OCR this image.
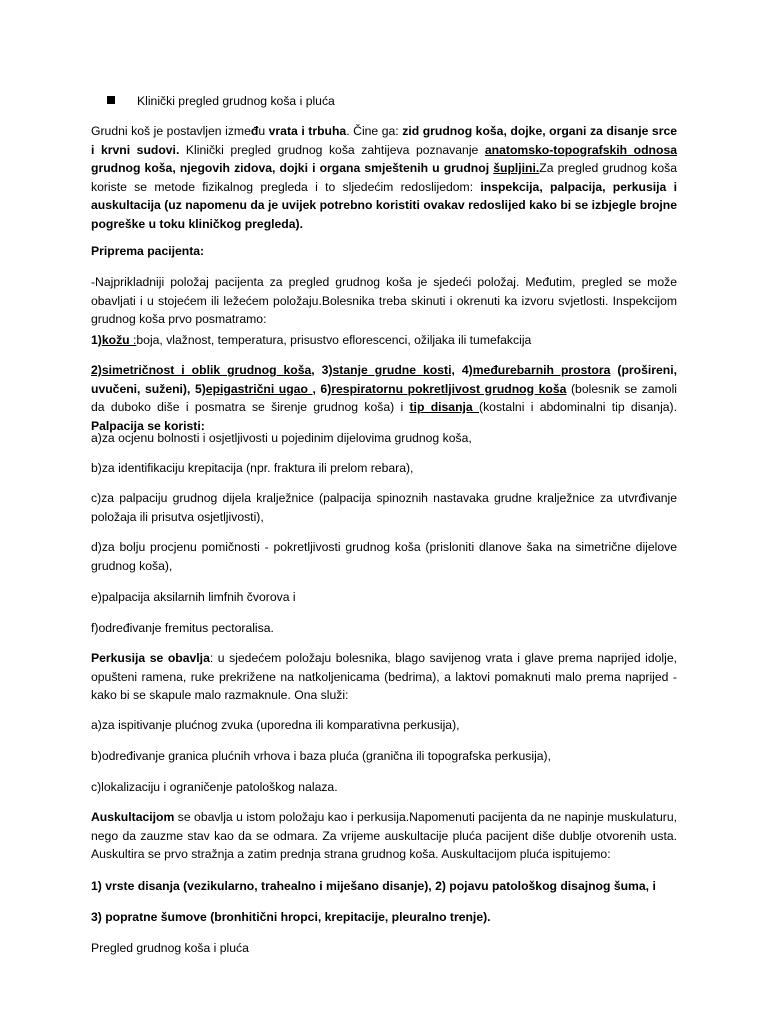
Klinički pregled grudnog koša i pluća

Grudni koš je postavljen između vrata i trbuha. Čine ga: zid grudnog koša, dojke, organi za disanje srce i krvni sudovi. Klinički pregled grudnog koša zahtijeva poznavanje anatomsko-topografskih odnosa grudnog koša, njegovih zidova, dojki i organa smještenih u grudnoj šupljini.Za pregled grudnog koša koriste se metode fizikalnog pregleda i to sljedećim redoslijedom: inspekcija, palpacija, perkusija i auskultacija (uz napomenu da je uvijek potrebno koristiti ovakav redoslijed kako bi se izbjegle brojne pogreške u toku kliničkog pregleda).

Priprema pacijenta:

-Najprikladniji položaj pacijenta za pregled grudnog koša je sjedeći položaj. Međutim, pregled se može obavljati i u stojećem ili ležećem položaju.Bolesnika treba skinuti i okrenuti ka izvoru svjetlosti. Inspekcijom grudnog koša prvo posmatramo:

1)kožu :boja, vlažnost, temperatura, prisustvo eflorescenci, ožiljaka ili tumefakcija

2)simetričnost i oblik grudnog koša, 3)stanje grudne kosti, 4)međurebarnih prostora (prošireni, uvučeni, suženi), 5)epigastrični ugao , 6)respiratornu pokretljivost grudnog koša (bolesnik se zamoli da duboko diše i posmatra se širenje grudnog koša) i tip disanja (kostalni i abdominalni tip disanja). Palpacija se koristi:

a)za ocjenu bolnosti i osjetljivosti u pojedinim dijelovima grudnog koša,

b)za identifikaciju krepitacija (npr. fraktura ili prelom rebara),

c)za palpaciju grudnog dijela kralježnice (palpacija spinoznih nastavaka grudne kralježnice za utvrđivanje položaja ili prisutva osjetljivosti),

d)za bolju procjenu pomičnosti - pokretljivosti grudnog koša (prisloniti dlanove šaka na simetrične dijelove grudnog koša),

e)palpacija aksilarnih limfnih čvorova i

f)određivanje fremitus pectoralisa.

Perkusija se obavlja: u sjedećem položaju bolesnika, blago savijenog vrata i glave prema naprijed idolje, opušteni ramena, ruke prekrižene na natkoljenicama (bedrima), a laktovi pomaknuti malo prema naprijed - kako bi se skapule malo razmaknule. Ona služi:

a)za ispitivanje plućnog zvuka (uporedna ili komparativna perkusija),

b)određivanje granica plućnih vrhova i baza pluća (granična ili topografska perkusija),

c)lokalizaciju i ograničenje patološkog nalaza.

Auskultacijom se obavlja u istom položaju kao i perkusija.Napomenuti pacijenta da ne napinje muskulaturu, nego da zauzme stav kao da se odmara. Za vrijeme auskultacije pluća pacijent diše dublje otvorenih usta. Auskultira se prvo stražnja a zatim prednja strana grudnog koša. Auskultacijom pluća ispitujemo:

1) vrste disanja (vezikularno, trahealno i miješano disanje), 2) pojavu patološkog disajnog šuma, i

3) popratne šumove (bronhitični hropci, krepitacije, pleuralno trenje).

Pregled grudnog koša i pluća
